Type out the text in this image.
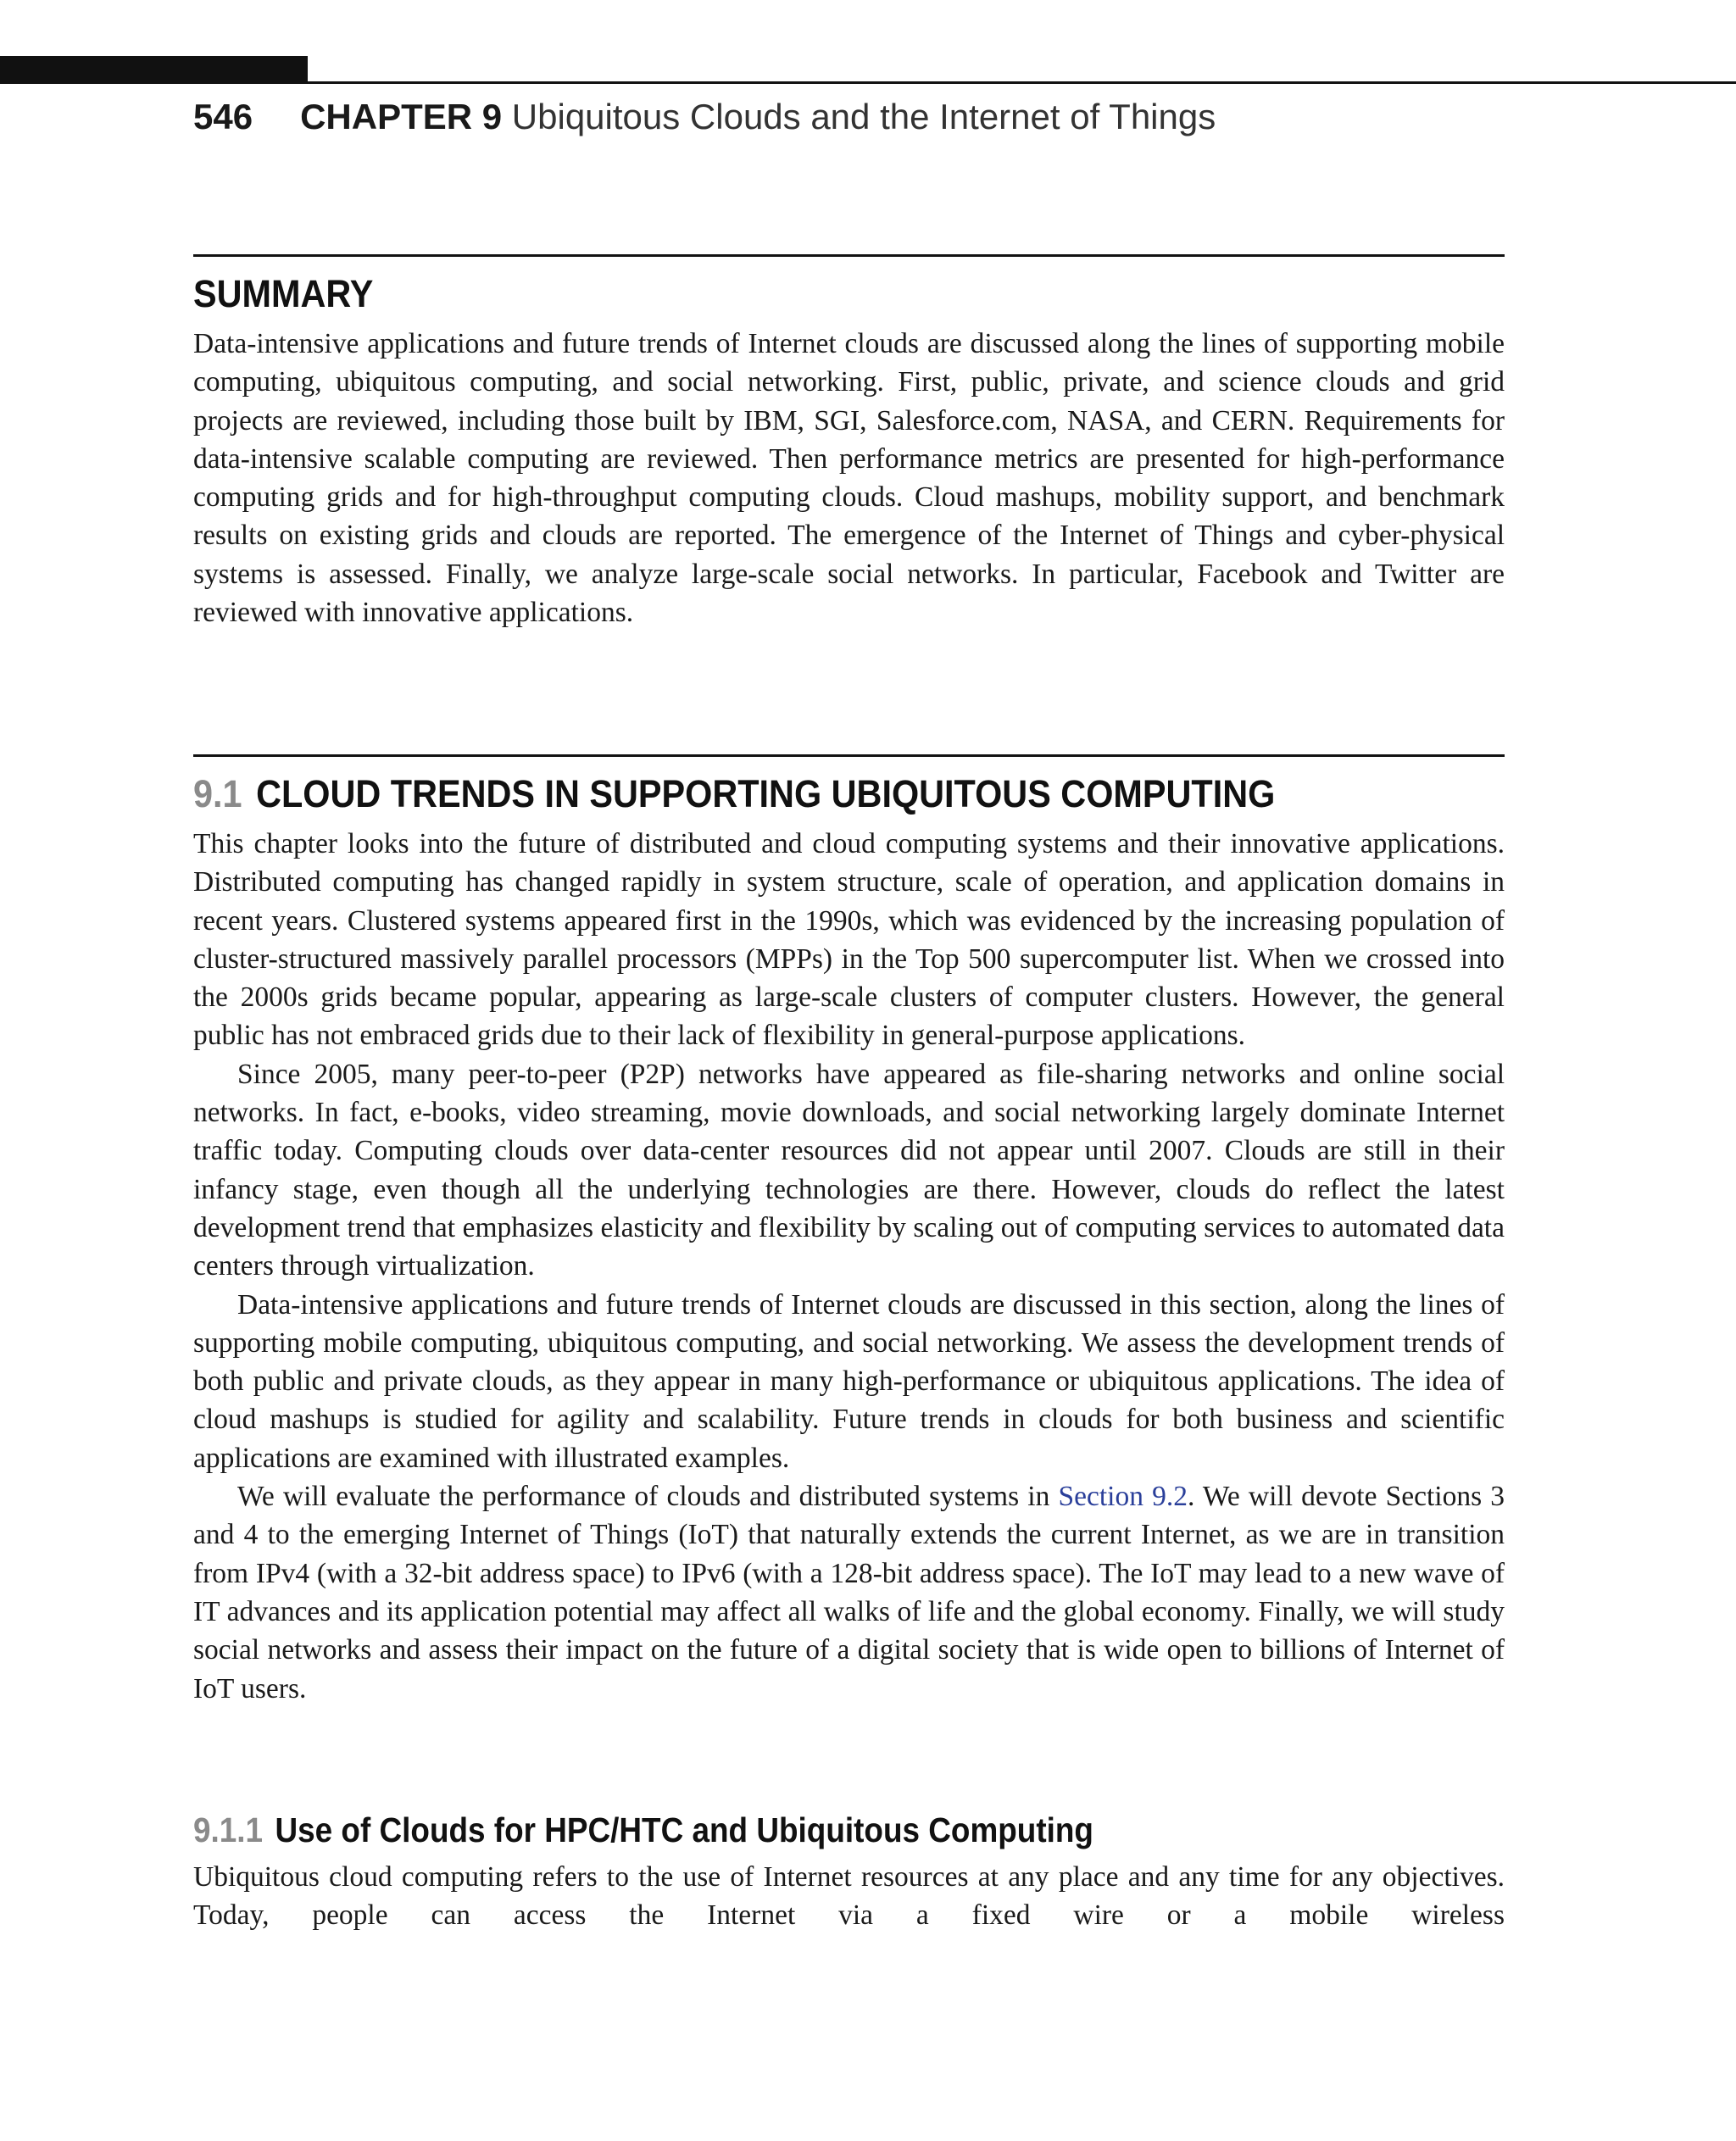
546 CHAPTER 9 Ubiquitous Clouds and the Internet of Things
SUMMARY

Data-intensive applications and future trends of Internet clouds are discussed along the lines of supporting mobile computing, ubiquitous computing, and social networking. First, public, private, and science clouds and grid projects are reviewed, including those built by IBM, SGI, Salesforce.com, NASA, and CERN. Requirements for data-intensive scalable computing are reviewed. Then performance metrics are presented for high-performance computing grids and for high-throughput computing clouds. Cloud mashups, mobility support, and benchmark results on existing grids and clouds are reported. The emergence of the Internet of Things and cyber-physical systems is assessed. Finally, we analyze large-scale social networks. In particular, Facebook and Twitter are reviewed with innovative applications.

9.1 CLOUD TRENDS IN SUPPORTING UBIQUITOUS COMPUTING

This chapter looks into the future of distributed and cloud computing systems and their innovative applications. Distributed computing has changed rapidly in system structure, scale of operation, and application domains in recent years. Clustered systems appeared first in the 1990s, which was evidenced by the increasing population of cluster-structured massively parallel processors (MPPs) in the Top 500 supercomputer list. When we crossed into the 2000s grids became popular, appearing as large-scale clusters of computer clusters. However, the general public has not embraced grids due to their lack of flexibility in general-purpose applications.

Since 2005, many peer-to-peer (P2P) networks have appeared as file-sharing networks and online social networks. In fact, e-books, video streaming, movie downloads, and social networking largely dominate Internet traffic today. Computing clouds over data-center resources did not appear until 2007. Clouds are still in their infancy stage, even though all the underlying technologies are there. However, clouds do reflect the latest development trend that emphasizes elasticity and flexibility by scaling out of computing services to automated data centers through virtualization.

Data-intensive applications and future trends of Internet clouds are discussed in this section, along the lines of supporting mobile computing, ubiquitous computing, and social networking. We assess the development trends of both public and private clouds, as they appear in many high-performance or ubiquitous applications. The idea of cloud mashups is studied for agility and scalability. Future trends in clouds for both business and scientific applications are examined with illustrated examples.

We will evaluate the performance of clouds and distributed systems in Section 9.2. We will devote Sections 3 and 4 to the emerging Internet of Things (IoT) that naturally extends the current Internet, as we are in transition from IPv4 (with a 32-bit address space) to IPv6 (with a 128-bit address space). The IoT may lead to a new wave of IT advances and its application potential may affect all walks of life and the global economy. Finally, we will study social networks and assess their impact on the future of a digital society that is wide open to billions of Internet of IoT users.

9.1.1 Use of Clouds for HPC/HTC and Ubiquitous Computing

Ubiquitous cloud computing refers to the use of Internet resources at any place and any time for any objectives. Today, people can access the Internet via a fixed wire or a mobile wireless
